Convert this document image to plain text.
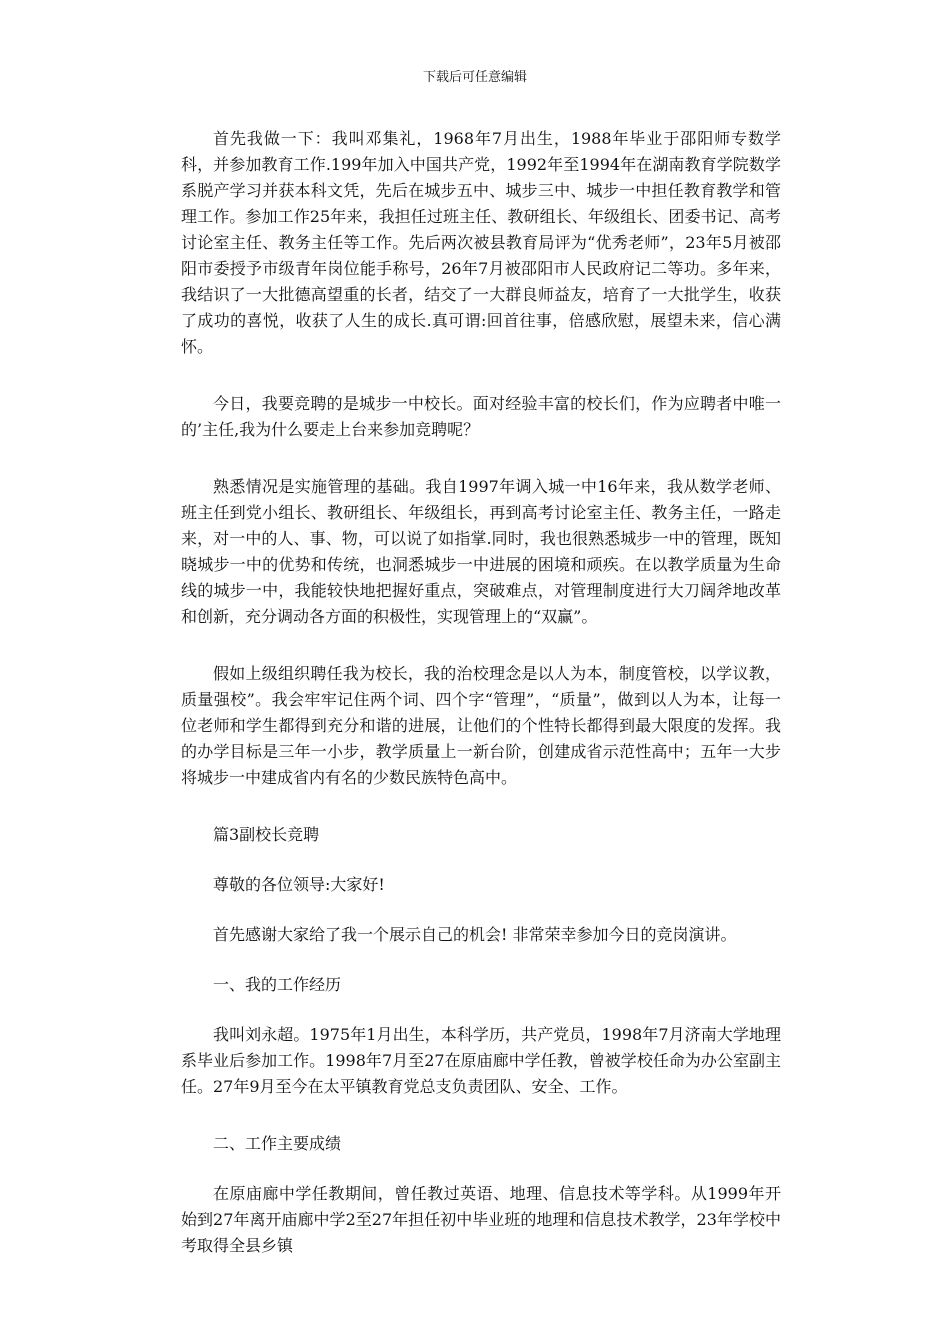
下载后可任意编辑

首先我做一下：我叫邓集礼，1968年7月出生，1988年毕业于邵阳师专数学科，并参加教育工作.199年加入中国共产党，1992年至1994年在湖南教育学院数学系脱产学习并获本科文凭，先后在城步五中、城步三中、城步一中担任教育教学和管理工作。参加工作25年来，我担任过班主任、教研组长、年级组长、团委书记、高考讨论室主任、教务主任等工作。先后两次被县教育局评为“优秀老师”，23年5月被邵阳市委授予市级青年岗位能手称号，26年7月被邵阳市人民政府记二等功。多年来，我结识了一大批德高望重的长者，结交了一大群良师益友，培育了一大批学生，收获了成功的喜悦，收获了人生的成长.真可谓:回首往事，倍感欣慰，展望未来，信心满怀。

今日，我要竞聘的是城步一中校长。面对经验丰富的校长们，作为应聘者中唯一的’主任,我为什么要走上台来参加竞聘呢？

熟悉情况是实施管理的基础。我自1997年调入城一中16年来，我从数学老师、班主任到党小组长、教研组长、年级组长，再到高考讨论室主任、教务主任，一路走来，对一中的人、事、物，可以说了如指掌.同时，我也很熟悉城步一中的管理，既知晓城步一中的优势和传统，也洞悉城步一中进展的困境和顽疾。在以教学质量为生命线的城步一中，我能较快地把握好重点，突破难点，对管理制度进行大刀阔斧地改革和创新，充分调动各方面的积极性，实现管理上的“双赢”。

假如上级组织聘任我为校长，我的治校理念是以人为本，制度管校，以学议教，质量强校”。我会牢牢记住两个词、四个字“管理”，“质量”，做到以人为本，让每一位老师和学生都得到充分和谐的进展，让他们的个性特长都得到最大限度的发挥。我的办学目标是三年一小步，教学质量上一新台阶，创建成省示范性高中；五年一大步将城步一中建成省内有名的少数民族特色高中。

篇3副校长竞聘

尊敬的各位领导:大家好!

首先感谢大家给了我一个展示自己的机会! 非常荣幸参加今日的竞岗演讲。

一、我的工作经历

我叫刘永超。1975年1月出生，本科学历，共产党员，1998年7月济南大学地理系毕业后参加工作。1998年7月至27在原庙廊中学任教，曾被学校任命为办公室副主任。27年9月至今在太平镇教育党总支负责团队、安全、工作。

二、工作主要成绩

在原庙廊中学任教期间，曾任教过英语、地理、信息技术等学科。从1999年开始到27年离开庙廊中学2至27年担任初中毕业班的地理和信息技术教学，23年学校中考取得全县乡镇
